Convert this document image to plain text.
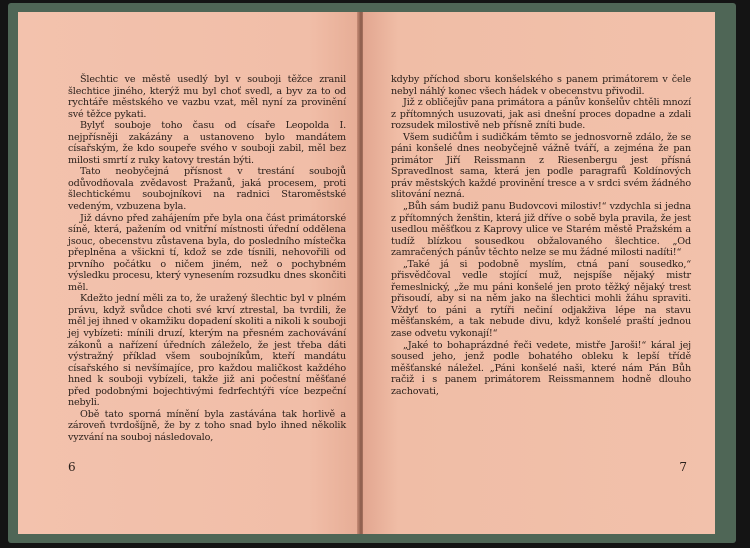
Šlechtic ve městě usedlý byl v souboji těžce zranil šlechtice jiného, kterýž mu byl choť svedl, a byv za to od rychtáře městského ve vazbu vzat, měl nyní za provinění své těžce pykati.

Bylyť souboje toho času od císaře Leopolda I. nejpřísněji zakázány a ustanoveno bylo mandátem císařským, že kdo soupeře svého v souboji zabil, měl bez milosti smrtí z ruky katovy trestán býti.

Tato neobyčejná přísnost v trestání soubojů odůvodňovala zvědavost Pražanů, jaká procesem, proti šlechtickému soubojníkovi na radnici Staroměstské vedeným, vzbuzena byla.

Již dávno před zahájením pře byla ona část primátorské síně, která, pažením od vnitřní místnosti úřední oddělena jsouc, obecenstvu zůstavena byla, do posledního místečka přeplněna a všickni tí, kdož se zde tísnili, nehovořili od prvního počátku o ničem jiném, než o pochybném výsledku procesu, který vynesením rozsudku dnes skončiti měl.

Kdežto jední měli za to, že uražený šlechtic byl v plném právu, když svůdce choti své krví ztrestal, ba tvrdili, že měl jej ihned v okamžiku dopadení skoliti a nikoli k souboji jej vybízeti: mínili druzí, kterým na přesném zachovávání zákonů a nařízení úředních záleželo, že jest třeba dáti výstražný příklad všem soubojníkům, kteří mandátu císařského si nevšímajíce, pro každou maličkost každého hned k souboji vybízeli, takže již ani počestní měšťané před podobnými bojechtivými fedrfechtýři více bezpeční nebyli.

Obě tato sporná mínění byla zastávána tak horlivě a zároveň tvrdošíjně, že by z toho snad bylo ihned několik vyzvání na souboj následovalo,

6

kdyby příchod sboru konšelského s panem primátorem v čele nebyl náhlý konec všech hádek v obecenstvu přivodil.

Již z obličejův pana primátora a pánův konšelův chtěli mnozí z přítomných usuzovati, jak asi dnešní proces dopadne a zdali rozsudek milostivě neb přísně zníti bude.

Všem sudičům i sudičkám těmto se jednosvorně zdálo, že se páni konšelé dnes neobyčejně vážně tváří, a zejména že pan primátor Jiří Reissmann z Riesenbergu jest přísná Spravedlnost sama, která jen podle paragrafů Koldínových práv městských každé provinění tresce a v srdci svém žádného slitování nezná.

„Bůh sám budiž panu Budovcovi milostiv!“ vzdychla si jedna z přítomných ženštin, která již dříve o sobě byla pravila, že jest usedlou měšťkou z Kaprovy ulice ve Starém městě Pražském a tudíž blízkou sousedkou obžalovaného šlechtice. „Od zamračených pánův těchto nelze se mu žádné milosti nadíti!“

„Také já si podobně myslím, ctná paní sousedko,“ přisvědčoval vedle stojící muž, nejspíše nějaký mistr řemeslnický, „že mu páni konšelé jen proto těžký nějaký trest přisoudí, aby si na něm jako na šlechtici mohli žáhu spraviti. Vždyť to páni a rytíři nečiní odjakživa lépe na stavu měšťanském, a tak nebude divu, když konšelé praští jednou zase odvetu vykonají!“

„Jaké to bohaprázdné řeči vedete, mistře Jaroši!“ káral jej soused jeho, jenž podle bohatého obleku k lepší třídě měšťanské náležel. „Páni konšelé naši, které nám Pán Bůh račiž i s panem primátorem Reissmannem hodně dlouho zachovati,

7
